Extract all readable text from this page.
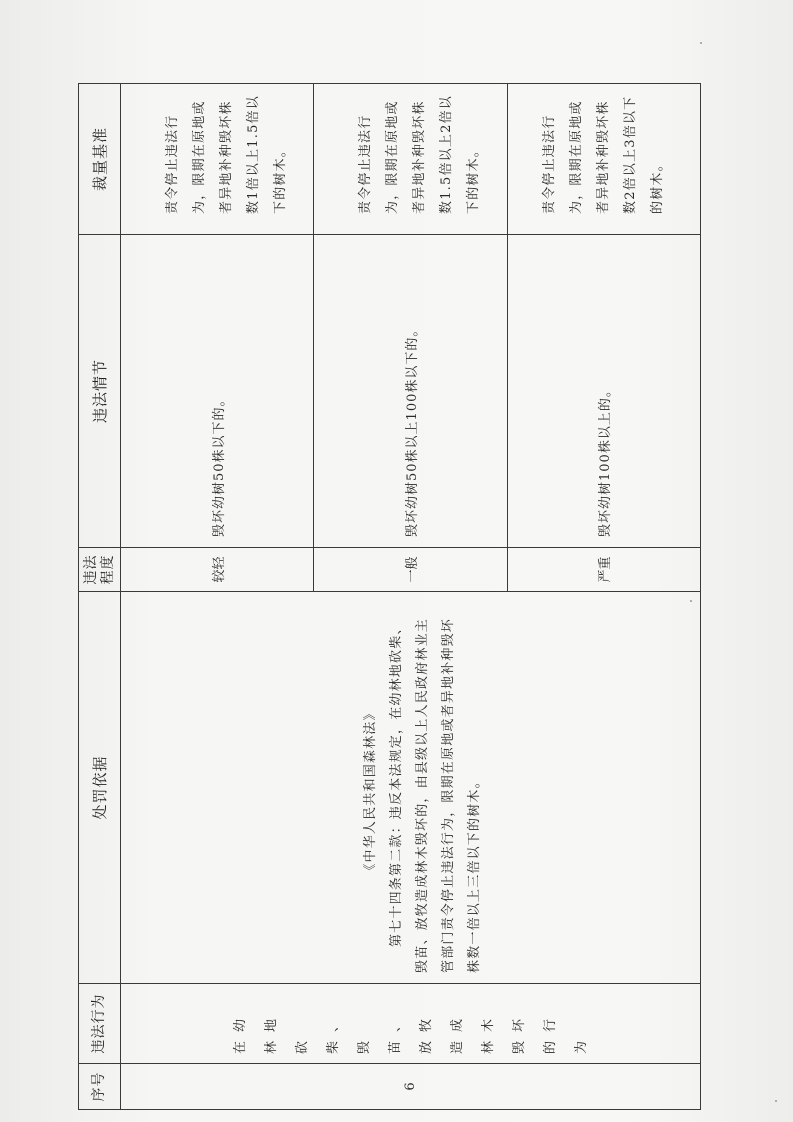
序号	违法行为	处罚依据	违法程度	违法情节	裁量基准
6	在幼林地砍柴、毁苗、放牧造成林木毁坏的行为	《中华人民共和国森林法》 第七十四条第二款：违反本法规定，在幼林地砍柴、毁苗、放牧造成林木毁坏的，由县级以上人民政府林业主管部门责令停止违法行为，限期在原地或者异地补种毁坏株数一倍以上三倍以下的树木。	较轻	毁坏幼树50株以下的。	责令停止违法行为，限期在原地或者异地补种毁坏株数1倍以上1.5倍以下的树木。
			一般	毁坏幼树50株以上100株以下的。	责令停止违法行为，限期在原地或者异地补种毁坏株数1.5倍以上2倍以下的树木。
			严重	毁坏幼树100株以上的。	责令停止违法行为，限期在原地或者异地补种毁坏株数2倍以上3倍以下的树木。
